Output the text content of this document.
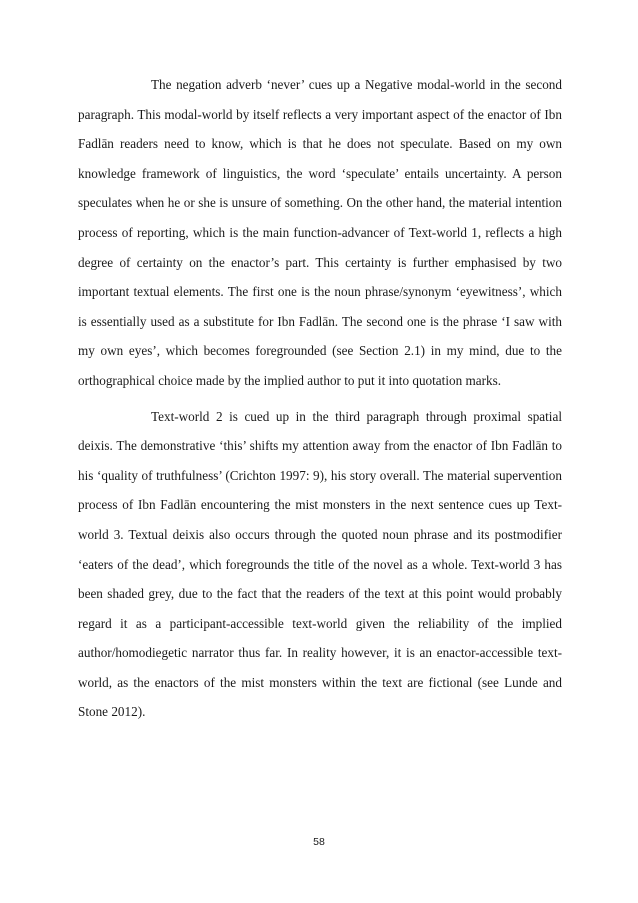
The negation adverb ‘never’ cues up a Negative modal-world in the second paragraph. This modal-world by itself reflects a very important aspect of the enactor of Ibn Fadlān readers need to know, which is that he does not speculate. Based on my own knowledge framework of linguistics, the word ‘speculate’ entails uncertainty. A person speculates when he or she is unsure of something. On the other hand, the material intention process of reporting, which is the main function-advancer of Text-world 1, reflects a high degree of certainty on the enactor’s part. This certainty is further emphasised by two important textual elements. The first one is the noun phrase/synonym ‘eyewitness’, which is essentially used as a substitute for Ibn Fadlān. The second one is the phrase ‘I saw with my own eyes’, which becomes foregrounded (see Section 2.1) in my mind, due to the orthographical choice made by the implied author to put it into quotation marks.

Text-world 2 is cued up in the third paragraph through proximal spatial deixis. The demonstrative ‘this’ shifts my attention away from the enactor of Ibn Fadlān to his ‘quality of truthfulness’ (Crichton 1997: 9), his story overall. The material supervention process of Ibn Fadlān encountering the mist monsters in the next sentence cues up Text-world 3. Textual deixis also occurs through the quoted noun phrase and its postmodifier ‘eaters of the dead’, which foregrounds the title of the novel as a whole. Text-world 3 has been shaded grey, due to the fact that the readers of the text at this point would probably regard it as a participant-accessible text-world given the reliability of the implied author/homodiegetic narrator thus far. In reality however, it is an enactor-accessible text-world, as the enactors of the mist monsters within the text are fictional (see Lunde and Stone 2012).

58
